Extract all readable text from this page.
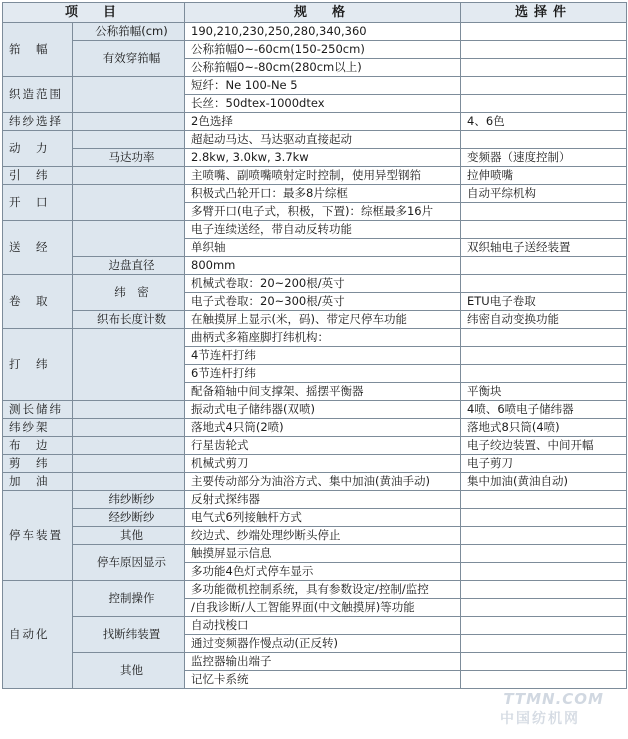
项　目		规　格	选择件
筘　幅	公称筘幅(cm)	190,210,230,250,280,340,360	
	有效穿筘幅	公称筘幅0~-60cm(150-250cm)	
		公称筘幅0~-80cm(280cm以上)	
织造范围		短纤：Ne 100-Ne 5	
		长丝：50dtex-1000dtex	
纬纱选择		2色选择	4、6色
动　力		超起动马达、马达驱动直接起动	
	马达功率	2.8kw, 3.0kw, 3.7kw	变频器（速度控制）
引　纬		主喷嘴、副喷嘴喷射定时控制，使用异型钢筘	拉伸喷嘴
开　口		积极式凸轮开口：最多8片综框	自动平综机构
		多臂开口(电子式，积极，下置)：综框最多16片	
送　经		电子连续送经，带自动反转功能	
		单织轴	双织轴电子送经装置
	边盘直径	800mm	
卷　取	纬　密	机械式卷取：20~200根/英寸	
		电子式卷取：20~300根/英寸	ETU电子卷取
	织布长度计数	在触摸屏上显示(米，码)、带定尺停车功能	纬密自动变换功能
打　纬		曲柄式多箱座脚打纬机构：	
		4节连杆打纬	
		6节连杆打纬	
		配备箱轴中间支撑架、摇摆平衡器	平衡块
测长储纬		振动式电子储纬器(双喷)	4喷、6喷电子储纬器
纬纱架		落地式4只筒(2喷)	落地式8只筒(4喷)
布　边		行星齿轮式	电子绞边装置、中间开幅
剪　纬		机械式剪刀	电子剪刀
加　油		主要传动部分为油浴方式、集中加油(黄油手动)	集中加油(黄油自动)
停车装置	纬纱断纱	反射式探纬器	
	经纱断纱	电气式6列接触杆方式	
	其他	绞边式、纱端处理纱断头停止	
	停车原因显示	触摸屏显示信息	
		多功能4色灯式停车显示	
自动化	控制操作	多功能微机控制系统，具有参数设定/控制/监控	
		/自我诊断/人工智能界面(中文触摸屏)等功能	
	找断纬装置	自动找梭口	
		通过变频器作慢点动(正反转)	
	其他	监控器输出端子	
		记忆卡系统	
TTMN.COM
中国纺机网
